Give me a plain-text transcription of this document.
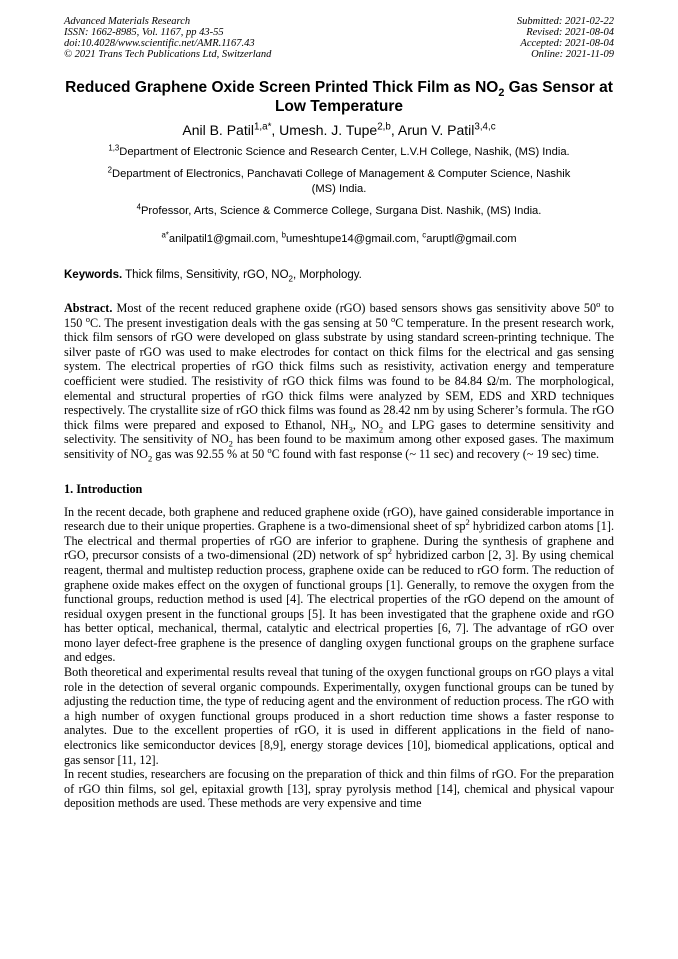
Advanced Materials Research
ISSN: 1662-8985, Vol. 1167, pp 43-55
doi:10.4028/www.scientific.net/AMR.1167.43
© 2021 Trans Tech Publications Ltd, Switzerland
Submitted: 2021-02-22
Revised: 2021-08-04
Accepted: 2021-08-04
Online: 2021-11-09
Reduced Graphene Oxide Screen Printed Thick Film as $NO_2$ Gas Sensor at Low Temperature
Anil B. Patil$^{1,a*}$, Umesh. J. Tupe$^{2,b}$, Arun V. Patil$^{3,4,c}$
$^{1,3}$Department of Electronic Science and Research Center, L.V.H College, Nashik, (MS) India.
$^2$Department of Electronics, Panchavati College of Management & Computer Science, Nashik (MS) India.
$^4$Professor, Arts, Science & Commerce College, Surgana Dist. Nashik, (MS) India.
$^{a*}$anilpatil1@gmail.com, $^b$umeshtupe14@gmail.com, $^c$aruptl@gmail.com
Keywords. Thick films, Sensitivity, rGO, $NO_2$, Morphology.
Abstract. Most of the recent reduced graphene oxide (rGO) based sensors shows gas sensitivity above 50$^o$ to 150 $^o$C. The present investigation deals with the gas sensing at 50 $^o$C temperature. In the present research work, thick film sensors of rGO were developed on glass substrate by using standard screen-printing technique. The silver paste of rGO was used to make electrodes for contact on thick films for the electrical and gas sensing system. The electrical properties of rGO thick films such as resistivity, activation energy and temperature coefficient were studied. The resistivity of rGO thick films was found to be 84.84 Ω/m. The morphological, elemental and structural properties of rGO thick films were analyzed by SEM, EDS and XRD techniques respectively. The crystallite size of rGO thick films was found as 28.42 nm by using Scherer’s formula. The rGO thick films were prepared and exposed to Ethanol, $NH_3$, $NO_2$ and LPG gases to determine sensitivity and selectivity. The sensitivity of $NO_2$ has been found to be maximum among other exposed gases. The maximum sensitivity of $NO_2$ gas was 92.55 % at 50 $^o$C found with fast response (~ 11 sec) and recovery (~ 19 sec) time.
1. Introduction

In the recent decade, both graphene and reduced graphene oxide (rGO), have gained considerable importance in research due to their unique properties. Graphene is a two-dimensional sheet of $sp^2$ hybridized carbon atoms [1]. The electrical and thermal properties of rGO are inferior to graphene. During the synthesis of graphene and rGO, precursor consists of a two-dimensional (2D) network of $sp^2$ hybridized carbon [2, 3]. By using chemical reagent, thermal and multistep reduction process, graphene oxide can be reduced to rGO form. The reduction of graphene oxide makes effect on the oxygen of functional groups [1]. Generally, to remove the oxygen from the functional groups, reduction method is used [4]. The electrical properties of the rGO depend on the amount of residual oxygen present in the functional groups [5]. It has been investigated that the graphene oxide and rGO has better optical, mechanical, thermal, catalytic and electrical properties [6, 7]. The advantage of rGO over mono layer defect-free graphene is the presence of dangling oxygen functional groups on the graphene surface and edges.

Both theoretical and experimental results reveal that tuning of the oxygen functional groups on rGO plays a vital role in the detection of several organic compounds. Experimentally, oxygen functional groups can be tuned by adjusting the reduction time, the type of reducing agent and the environment of reduction process. The rGO with a high number of oxygen functional groups produced in a short reduction time shows a faster response to analytes. Due to the excellent properties of rGO, it is used in different applications in the field of nano-electronics like semiconductor devices [8,9], energy storage devices [10], biomedical applications, optical and gas sensor [11, 12].

In recent studies, researchers are focusing on the preparation of thick and thin films of rGO. For the preparation of rGO thin films, sol gel, epitaxial growth [13], spray pyrolysis method [14], chemical and physical vapour deposition methods are used. These methods are very expensive and time
